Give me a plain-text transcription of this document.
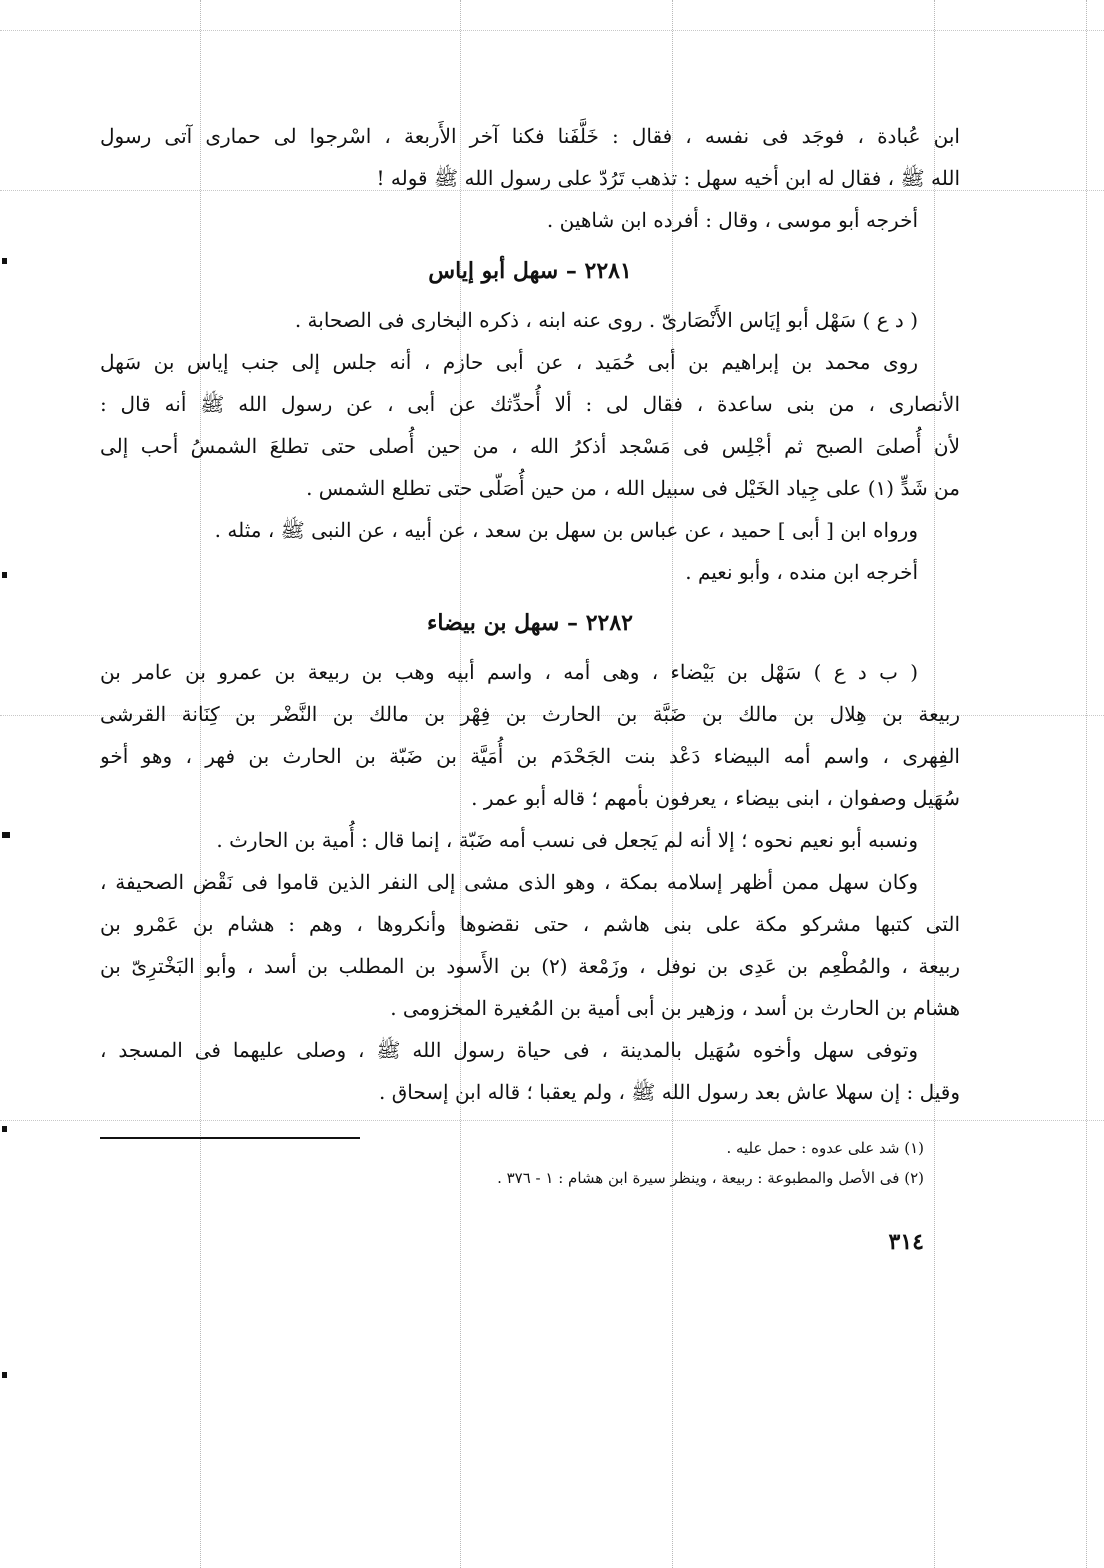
ابن عُبادة ، فوجَد فى نفسه ، فقال : خَلَّفَنا فكنا آخر الأَربعة ، اسْرجوا لى حمارى آتى رسول

الله ﷺ ، فقال له ابن أخيه سهل : تذهب تَرُدّ على رسول الله ﷺ قوله !

أخرجه أبو موسى ، وقال : أفرده ابن شاهين .

٢٢٨١ – سهل أبو إياس

( د ع ) سَهْل أبو إيَاس الأَنْصَارىّ . روى عنه ابنه ، ذكره البخارى فى الصحابة .

روى محمد بن إبراهيم بن أبى حُمَيد ، عن أبى حازم ، أنه جلس إلى جنب إياس بن سَهل

الأنصارى ، من بنى ساعدة ، فقال لى : ألا أُحدِّثك عن أبى ، عن رسول الله ﷺ أنه قال :

لأن أُصلىَ الصبح ثم أجْلِس فى مَسْجد أذكرُ الله ، من حين أُصلى حتى تطلعَ الشمسُ أحب إلى

من شَدٍّ (١) على جِياد الخَيْل فى سبيل الله ، من حين أُصَلّى حتى تطلع الشمس .

ورواه ابن [ أبى ] حميد ، عن عباس بن سهل بن سعد ، عن أبيه ، عن النبى ﷺ ، مثله .

أخرجه ابن منده ، وأبو نعيم .

٢٢٨٢ – سهل بن بيضاء

( ب د ع ) سَهْل بن بَيْضاء ، وهى أمه ، واسم أبيه وهب بن ربيعة بن عمرو بن عامر بن

ربيعة بن هِلال بن مالك بن ضَبَّة بن الحارث بن فِهْر بن مالك بن النَّضْر بن كِنَانة القرشى

الفِهرى ، واسم أمه البيضاء دَعْد بنت الجَحْدَم بن أُمَيَّة بن ضَبّة بن الحارث بن فهر ، وهو أخو

سُهَيل وصفوان ، ابنى بيضاء ، يعرفون بأمهم ؛ قاله أبو عمر .

ونسبه أبو نعيم نحوه ؛ إلا أنه لم يَجعل فى نسب أمه ضَبّة ، إنما قال : أُمية بن الحارث .

وكان سهل ممن أظهر إسلامه بمكة ، وهو الذى مشى إلى النفر الذين قاموا فى نَقْض الصحيفة ،

التى كتبها مشركو مكة على بنى هاشم ، حتى نقضوها وأنكروها ، وهم : هشام بن عَمْرو بن

ربيعة ، والمُطْعِم بن عَدِى بن نوفل ، وزَمْعة (٢) بن الأَسود بن المطلب بن أسد ، وأبو البَخْترِىّ بن

هشام بن الحارث بن أسد ، وزهير بن أبى أمية بن المُغيرة المخزومى .

وتوفى سهل وأخوه سُهَيل بالمدينة ، فى حياة رسول الله ﷺ ، وصلى عليهما فى المسجد ،

وقيل : إن سهلا عاش بعد رسول الله ﷺ ، ولم يعقبا ؛ قاله ابن إسحاق .

(١) شد على عدوه : حمل عليه .

(٢) فى الأصل والمطبوعة : ربيعة ، وينظر سيرة ابن هشام : ١ - ٣٧٦ .

٣١٤
